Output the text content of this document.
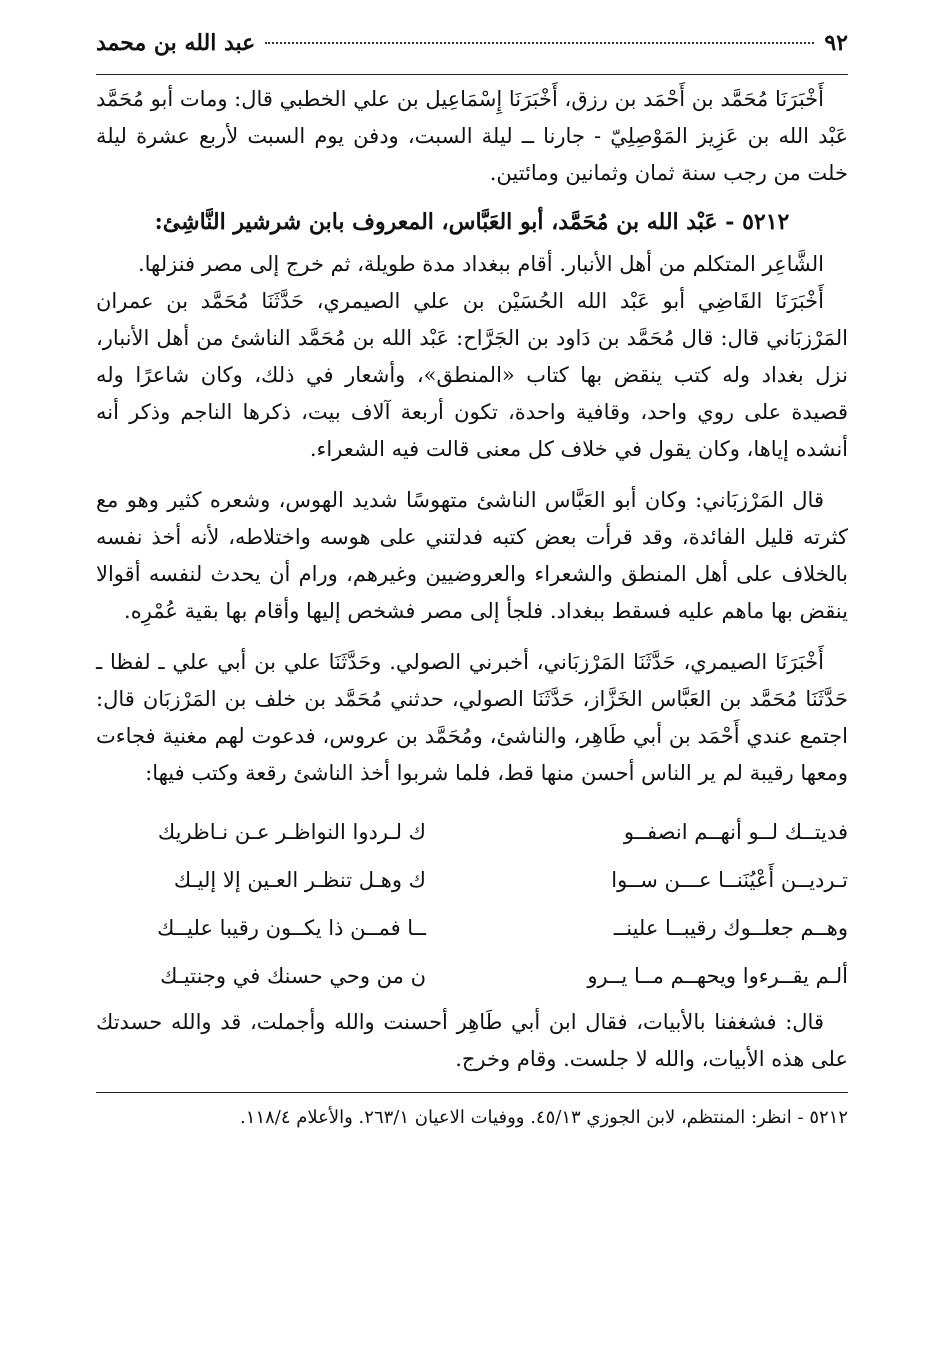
٩٢
عبد الله بن محمد

أَخْبَرَنَا مُحَمَّد بن أَحْمَد بن رزق، أَخْبَرَنَا إِسْمَاعِيل بن علي الخطبي قال: ومات أبو مُحَمَّد عَبْد الله بن عَزِيز المَوْصِلِيّ - جارنا ــ ليلة السبت، ودفن يوم السبت لأربع عشرة ليلة خلت من رجب سنة ثمان وثمانين ومائتين.

٥٢١٢ - عَبْد الله بن مُحَمَّد، أبو العَبَّاس، المعروف بابن شرشير النَّاشِئ:

الشَّاعِر المتكلم من أهل الأنبار. أقام ببغداد مدة طويلة، ثم خرج إلى مصر فنزلها.

أَخْبَرَنَا القَاضِي أبو عَبْد الله الحُسَيْن بن علي الصيمري، حَدَّثَنَا مُحَمَّد بن عمران المَرْزبَاني قال: قال مُحَمَّد بن دَاود بن الجَرَّاح: عَبْد الله بن مُحَمَّد الناشئ من أهل الأنبار، نزل بغداد وله كتب ينقض بها كتاب «المنطق»، وأشعار في ذلك، وكان شاعرًا وله قصيدة على روي واحد، وقافية واحدة، تكون أربعة آلاف بيت، ذكرها الناجم وذكر أنه أنشده إياها، وكان يقول في خلاف كل معنى قالت فيه الشعراء.

قال المَرْزبَاني: وكان أبو العَبَّاس الناشئ متهوسًا شديد الهوس، وشعره كثير وهو مع كثرته قليل الفائدة، وقد قرأت بعض كتبه فدلتني على هوسه واختلاطه، لأنه أخذ نفسه بالخلاف على أهل المنطق والشعراء والعروضيين وغيرهم، ورام أن يحدث لنفسه أقوالا ينقض بها ماهم عليه فسقط ببغداد. فلجأ إلى مصر فشخص إليها وأقام بها بقية عُمْرِه.

أَخْبَرَنَا الصيمري، حَدَّثَنَا المَرْزبَاني، أخبرني الصولي. وحَدَّثَنَا علي بن أبي علي ـ لفظا ـ حَدَّثَنَا مُحَمَّد بن العَبَّاس الخَزَّاز، حَدَّثَنَا الصولي، حدثني مُحَمَّد بن خلف بن المَرْزبَان قال: اجتمع عندي أَحْمَد بن أبي طَاهِر، والناشئ، ومُحَمَّد بن عروس، فدعوت لهم مغنية فجاءت ومعها رقيبة لم ير الناس أحسن منها قط، فلما شربوا أخذ الناشئ رقعة وكتب فيها:

فديتــك لــو أنهــم انصفــو
ك لـردوا النواظـر عـن نـاظريك
تـرديــن أَعْيُنَنــا عـــن ســوا
ك وهـل تنظـر العـين إلا إليـك
وهــم جعلــوك رقيبــا علينــ
ــا فمــن ذا يكــون رقيبا عليــك
ألـم يقــرءوا ويحهــم مــا يــرو
ن من وحي حسنك في وجنتيـك

قال: فشغفنا بالأبيات، فقال ابن أبي طَاهِر أحسنت والله وأجملت، قد والله حسدتك على هذه الأبيات، والله لا جلست. وقام وخرج.

٥٢١٢ - انظر: المنتظم، لابن الجوزي ٤٥/١٣. ووفيات الاعيان ٢٦٣/١. والأعلام ١١٨/٤.
